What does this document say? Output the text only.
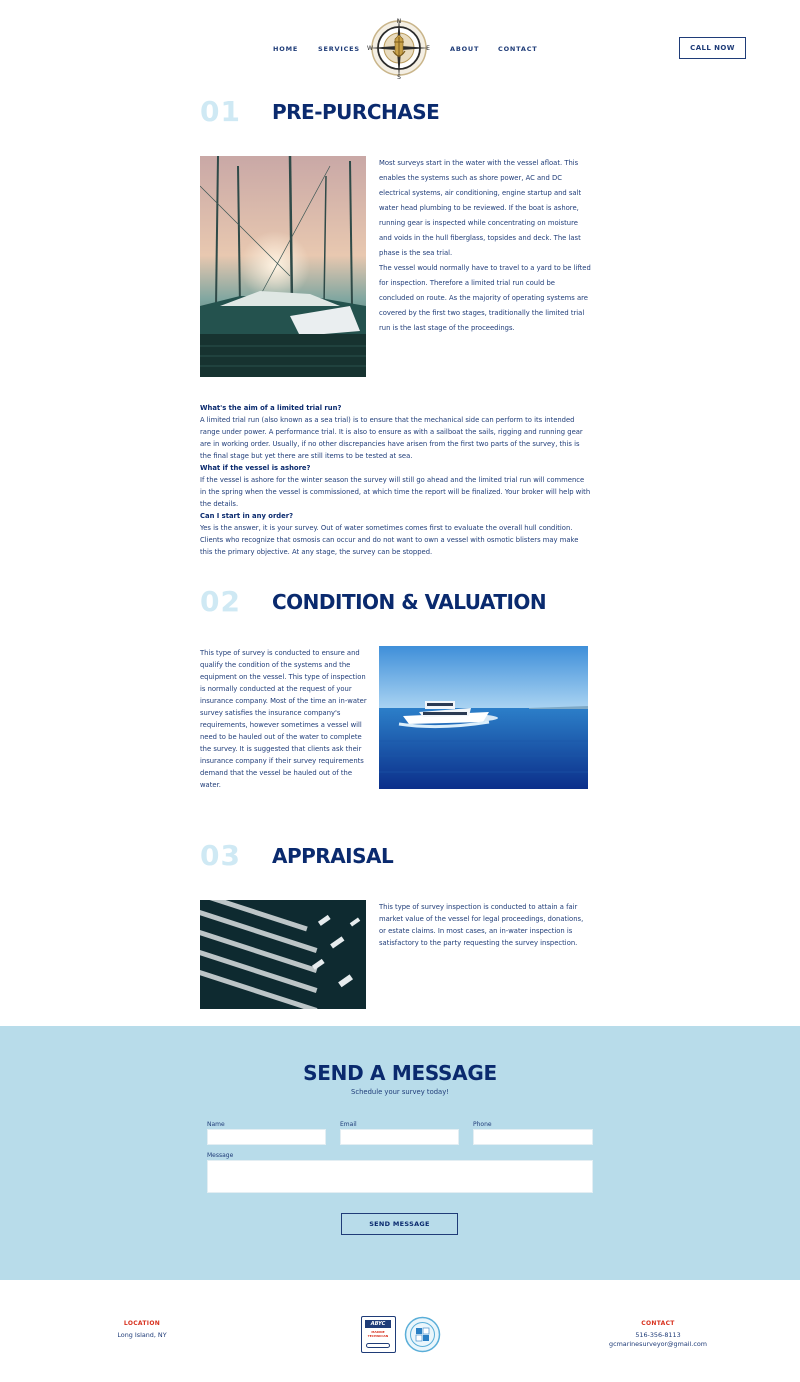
HOME	SERVICES
N
S
W	E	ABOUT	CONTACT	CALL NOW
01 PRE-PURCHASE

Most surveys start in the water with the vessel afloat. This enables the systems such as shore power, AC and DC electrical systems, air conditioning, engine startup and salt water head plumbing to be reviewed. If the boat is ashore, running gear is inspected while concentrating on moisture and voids in the hull fiberglass, topsides and deck. The last phase is the sea trial.

The vessel would normally have to travel to a yard to be lifted for inspection. Therefore a limited trial run could be concluded on route. As the majority of operating systems are covered by the first two stages, traditionally the limited trial run is the last stage of the proceedings.

What's the aim of a limited trial run?
A limited trial run (also known as a sea trial) is to ensure that the mechanical side can perform to its intended range under power. A performance trial. It is also to ensure as with a sailboat the sails, rigging and running gear are in working order. Usually, if no other discrepancies have arisen from the first two parts of the survey, this is the final stage but yet there are still items to be tested at sea.
What if the vessel is ashore?
If the vessel is ashore for the winter season the survey will still go ahead and the limited trial run will commence in the spring when the vessel is commissioned, at which time the report will be finalized. Your broker will help with the details.
Can I start in any order?
Yes is the answer, it is your survey. Out of water sometimes comes first to evaluate the overall hull condition. Clients who recognize that osmosis can occur and do not want to own a vessel with osmotic blisters may make this the primary objective. At any stage, the survey can be stopped.
02 CONDITION & VALUATION

This type of survey is conducted to ensure and qualify the condition of the systems and the equipment on the vessel. This type of inspection is normally conducted at the request of your insurance company. Most of the time an in-water survey satisfies the insurance company's requirements, however sometimes a vessel will need to be hauled out of the water to complete the survey. It is suggested that clients ask their insurance company if their survey requirements demand that the vessel be hauled out of the water.

03 APPRAISAL

This type of survey inspection is conducted to attain a fair market value of the vessel for legal proceedings, donations, or estate claims. In most cases, an in-water inspection is satisfactory to the party requesting the survey inspection.

SEND A MESSAGE
Schedule your survey today!
Name	Email	Phone
Message
SEND MESSAGE
LOCATION
Long Island, NY
ABYC
MARINE TECHNICIAN
CONTACT
516-356-8113
gcmarinesurveyor@gmail.com
